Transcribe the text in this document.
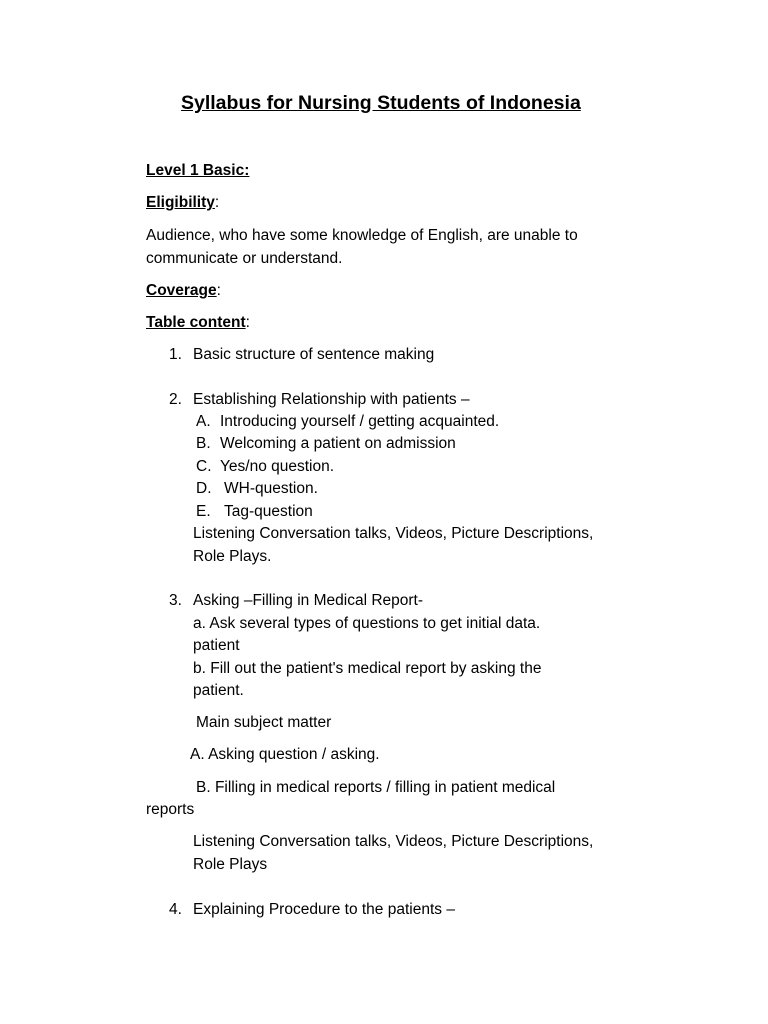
Syllabus for Nursing Students of Indonesia
Level 1 Basic:
Eligibility:
Audience, who have some knowledge of English, are unable to
communicate or understand.
Coverage:
Table content:
1. Basic structure of sentence making
2. Establishing Relationship with patients –
A. Introducing yourself / getting acquainted.
B. Welcoming a patient on admission
C. Yes/no question.
D. WH-question.
E. Tag-question
Listening Conversation talks, Videos, Picture Descriptions,
Role Plays.
3. Asking –Filling in Medical Report-
a. Ask several types of questions to get initial data.
patient
b. Fill out the patient's medical report by asking the
patient.
Main subject matter
A. Asking question / asking.
B. Filling in medical reports / filling in patient medical
reports
Listening Conversation talks, Videos, Picture Descriptions,
Role Plays
4. Explaining Procedure to the patients –
